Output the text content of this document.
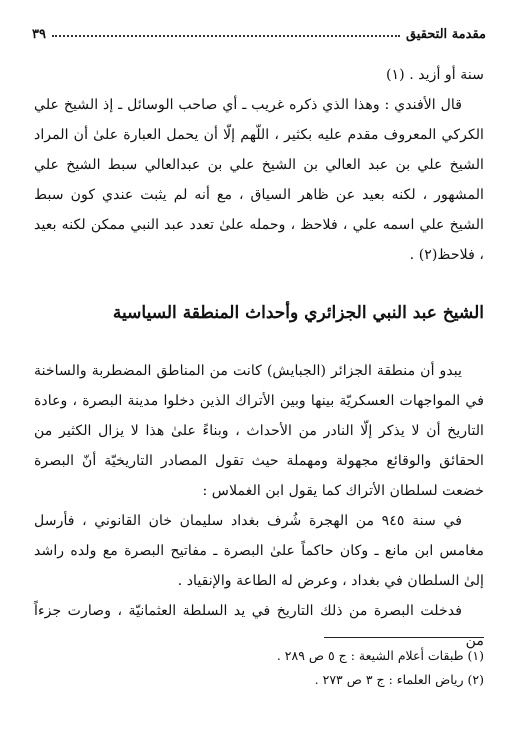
مقدمة التحقيق
٣٩

سنة أو أزيد . (١)

قال الأفندي : وهذا الذي ذكره غريب ـ أي صاحب الوسائل ـ إذ الشيخ علي الكركي المعروف مقدم عليه بكثير ، اللّهم إلّا أن يحمل العبارة علىٰ أن المراد الشيخ علي بن عبد العالي بن الشيخ علي بن عبدالعالي سبط الشيخ علي المشهور ، لكنه بعيد عن ظاهر السياق ، مع أنه لم يثبت عندي كون سبط الشيخ علي اسمه علي ، فلاحظ ، وحمله علىٰ تعدد عبد النبي ممكن لكنه بعيد ، فلاحظ(٢) .

الشيخ عبد النبي الجزائري وأحداث المنطقة السياسية

يبدو أن منطقة الجزائر (الجبايش) كانت من المناطق المضطربة والساخنة في المواجهات العسكريّة بينها وبين الأتراك الذين دخلوا مدينة البصرة ، وعادة التاريخ أن لا يذكر إلّا النادر من الأحداث ، وبناءً علىٰ هذا لا يزال الكثير من الحقائق والوقائع مجهولة ومهملة حيث تقول المصادر التاريخيّة أنّ البصرة خضعت لسلطان الأتراك كما يقول ابن الغملاس :

في سنة ٩٤٥ من الهجرة شُرف بغداد سليمان خان القانوني ، فأرسل مغامس ابن مانع ـ وكان حاكماً علىٰ البصرة ـ مفاتيح البصرة مع ولده راشد إلىٰ السلطان في بغداد ، وعرض له الطاعة والإنقياد .

فدخلت البصرة من ذلك التاريخ في يد السلطة العثمانيّة ، وصارت جزءاً من

(١) طبقات أعلام الشيعة : ج ٥ ص ٢٨٩ .

(٢) رياض العلماء : ج ٣ ص ٢٧٣ .
